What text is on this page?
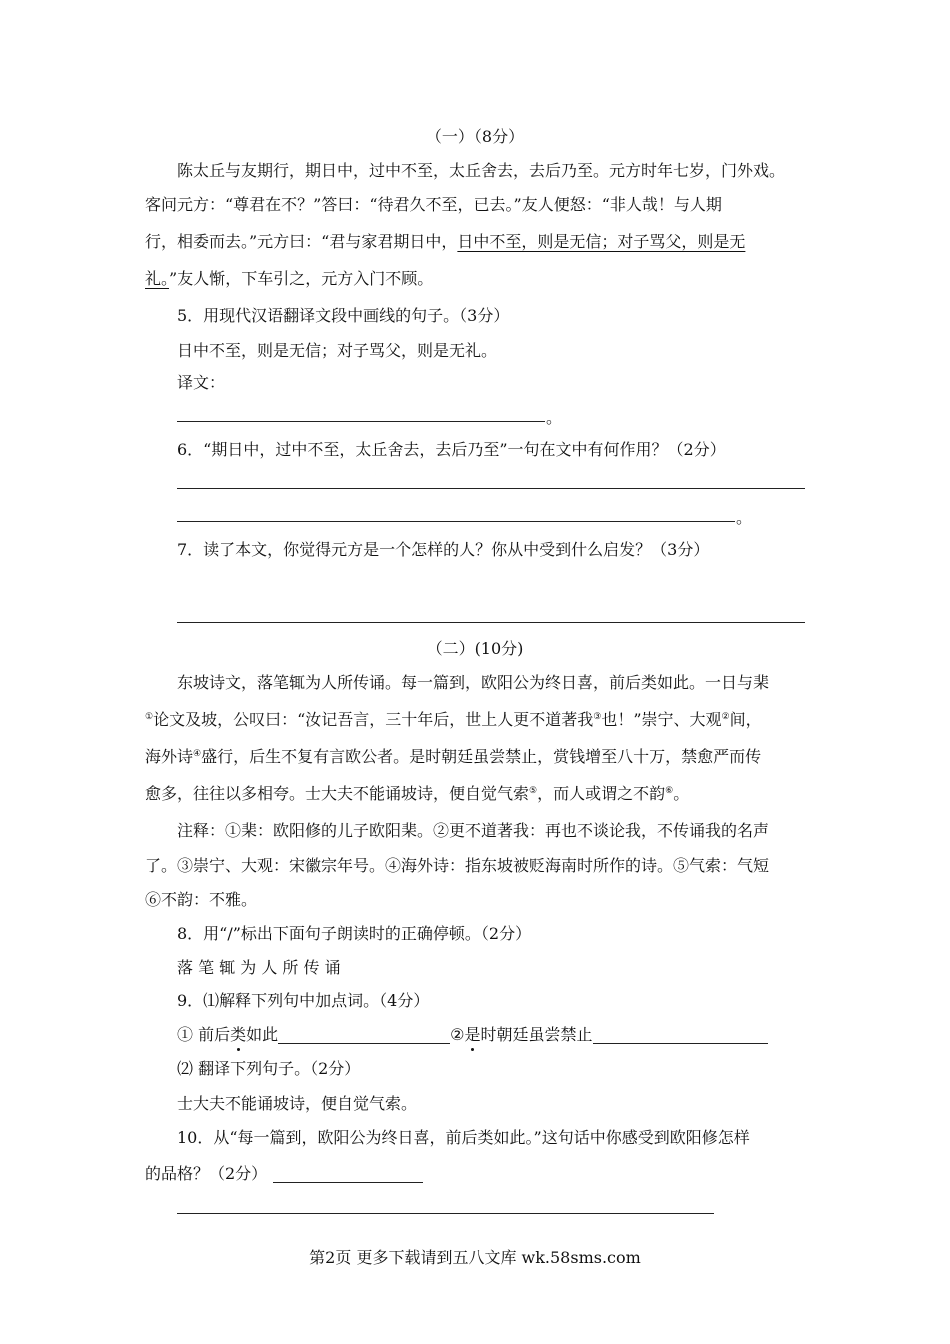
（一）（8分）
陈太丘与友期行，期日中，过中不至，太丘舍去，去后乃至。元方时年七岁，门外戏。
客问元方：“尊君在不？”答曰：“待君久不至，已去。”友人便怒：“非人哉！与人期
行，相委而去。”元方曰：“君与家君期日中，日中不至，则是无信；对子骂父，则是无
礼。”友人惭，下车引之，元方入门不顾。
5．用现代汉语翻译文段中画线的句子。（3分）
日中不至，则是无信；对子骂父，则是无礼。
译文：
。
6．“期日中，过中不至，太丘舍去，去后乃至”一句在文中有何作用？（2分）
。
7．读了本文，你觉得元方是一个怎样的人？你从中受到什么启发？（3分）
（二）(10分)
东坡诗文，落笔辄为人所传诵。每一篇到，欧阳公为终日喜，前后类如此。一日与棐
①论文及坡，公叹曰：“汝记吾言，三十年后，世上人更不道著我③也！”崇宁、大观②间，
海外诗④盛行，后生不复有言欧公者。是时朝廷虽尝禁止，赏钱增至八十万，禁愈严而传
愈多，往往以多相夸。士大夫不能诵坡诗，便自觉气索⑤，而人或谓之不韵⑥。
注释：①棐：欧阳修的儿子欧阳棐。②更不道著我：再也不谈论我，不传诵我的名声
了。③崇宁、大观：宋徽宗年号。④海外诗：指东坡被贬海南时所作的诗。⑤气索：气短
⑥不韵：不雅。
8．用“/”标出下面句子朗读时的正确停顿。（2分）
落 笔 辄 为 人 所 传 诵
9．⑴解释下列句中加点词。（4分）
① 前后类如此	②是时朝廷虽尝禁止
⑵ 翻译下列句子。（2分）
士大夫不能诵坡诗，便自觉气索。
10．从“每一篇到，欧阳公为终日喜，前后类如此。”这句话中你感受到欧阳修怎样
的品格？（2分）
第2页 更多下载请到五八文库 wk.58sms.com
